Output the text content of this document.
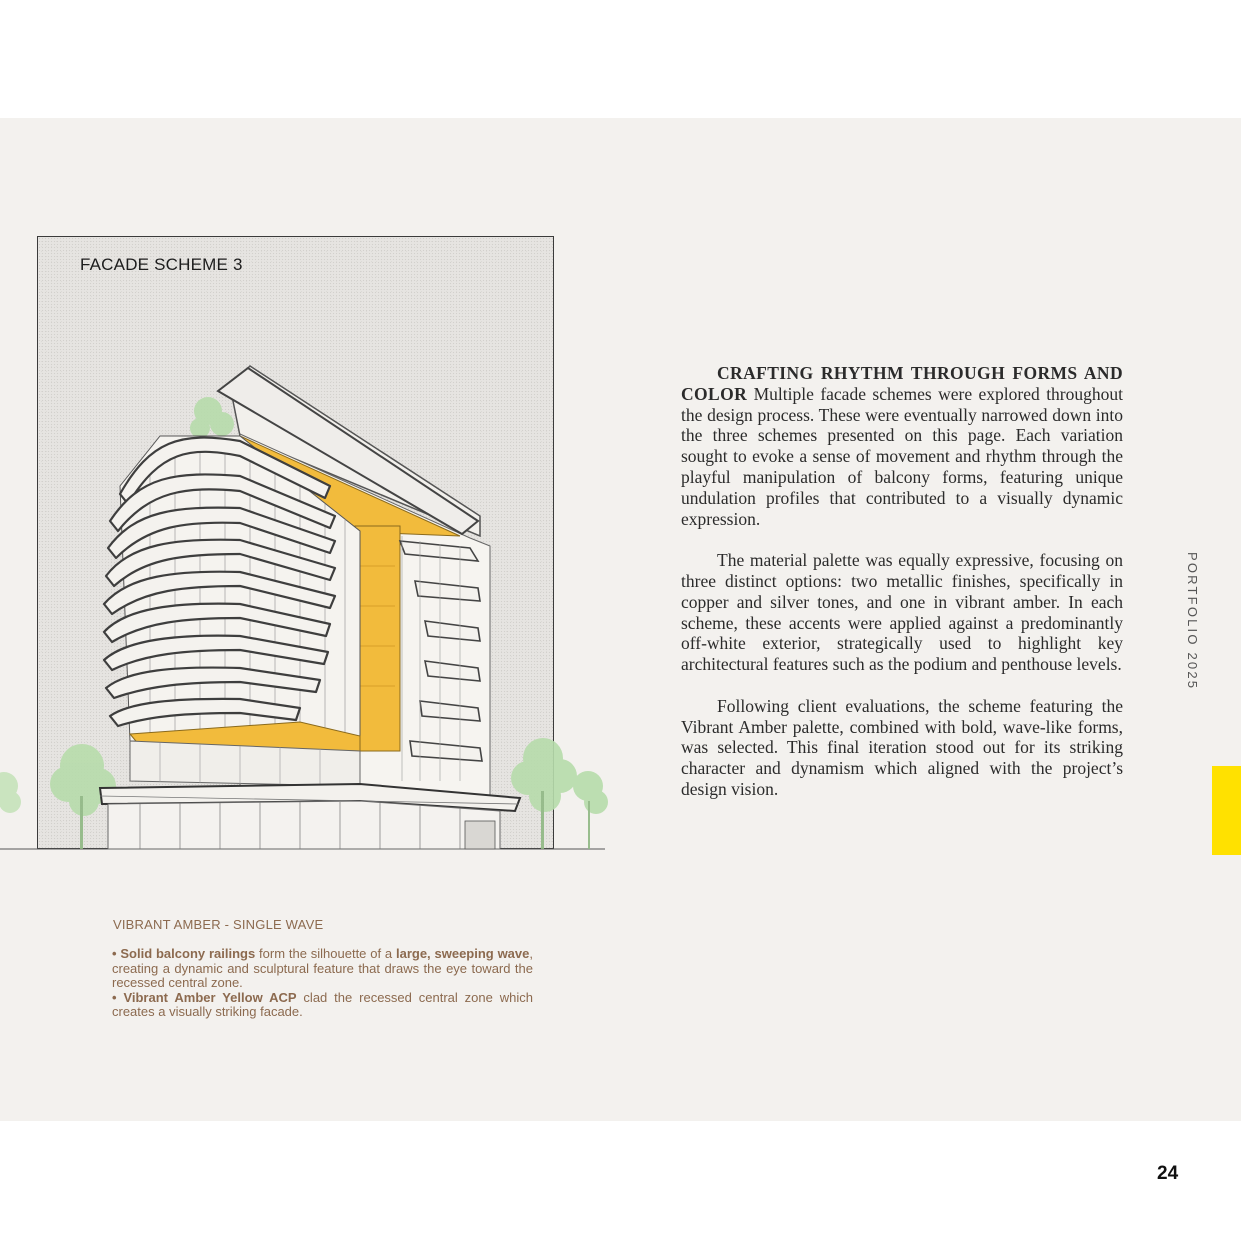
FACADE SCHEME 3
VIBRANT AMBER - SINGLE WAVE
• Solid balcony railings form the silhouette of a large, sweeping wave, creating a dynamic and sculptural feature that draws the eye toward the recessed central zone.
• Vibrant Amber Yellow ACP clad the recessed central zone which creates a visually striking facade.

CRAFTING RHYTHM THROUGH FORMS AND COLOR Multiple facade schemes were explored throughout the design process. These were eventually narrowed down into the three schemes presented on this page. Each variation sought to evoke a sense of movement and rhythm through the playful manipulation of balcony forms, featuring unique undulation profiles that contributed to a visually dynamic expression.

The material palette was equally expressive, focusing on three distinct options: two metallic finishes, specifically in copper and silver tones, and one in vibrant amber. In each scheme, these accents were applied against a predominantly off-white exterior, strategically used to highlight key architectural features such as the podium and penthouse levels.

Following client evaluations, the scheme featuring the Vibrant Amber palette, combined with bold, wave-like forms, was selected. This final iteration stood out for its striking character and dynamism which aligned with the project’s design vision.

PORTFOLIO 2025
24
